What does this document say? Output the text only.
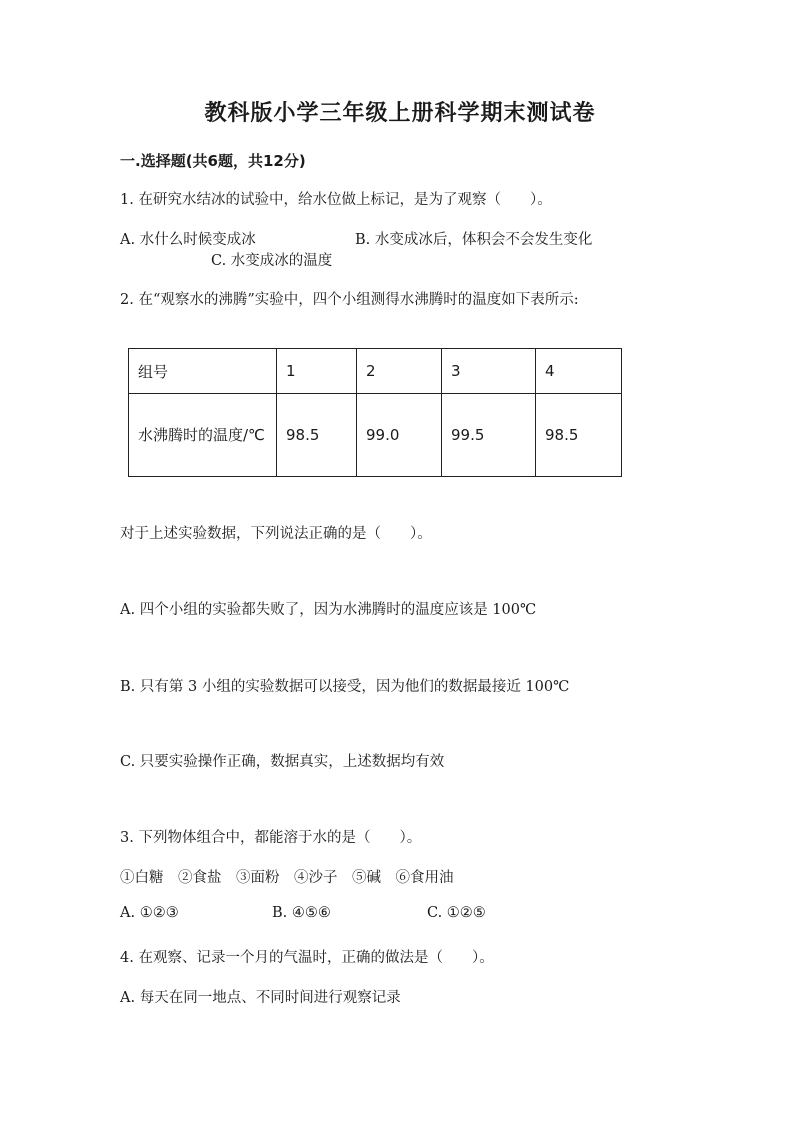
教科版小学三年级上册科学期末测试卷
一.选择题(共6题，共12分)
1. 在研究水结冰的试验中，给水位做上标记，是为了观察（　　）。
A. 水什么时候变成冰	B. 水变成冰后，体积会不会发生变化
C. 水变成冰的温度
2. 在“观察水的沸腾”实验中，四个小组测得水沸腾时的温度如下表所示:
组号	1	2	3	4
水沸腾时的温度/℃	98.5	99.0	99.5	98.5
对于上述实验数据，下列说法正确的是（　　）。
A. 四个小组的实验都失败了，因为水沸腾时的温度应该是 100℃
B. 只有第 3 小组的实验数据可以接受，因为他们的数据最接近 100℃
C. 只要实验操作正确，数据真实，上述数据均有效
3. 下列物体组合中，都能溶于水的是（　　）。
①白糖　②食盐　③面粉　④沙子　⑤碱　⑥食用油
A. ①②③	B. ④⑤⑥	C. ①②⑤
4. 在观察、记录一个月的气温时，正确的做法是（　　）。
A. 每天在同一地点、不同时间进行观察记录
